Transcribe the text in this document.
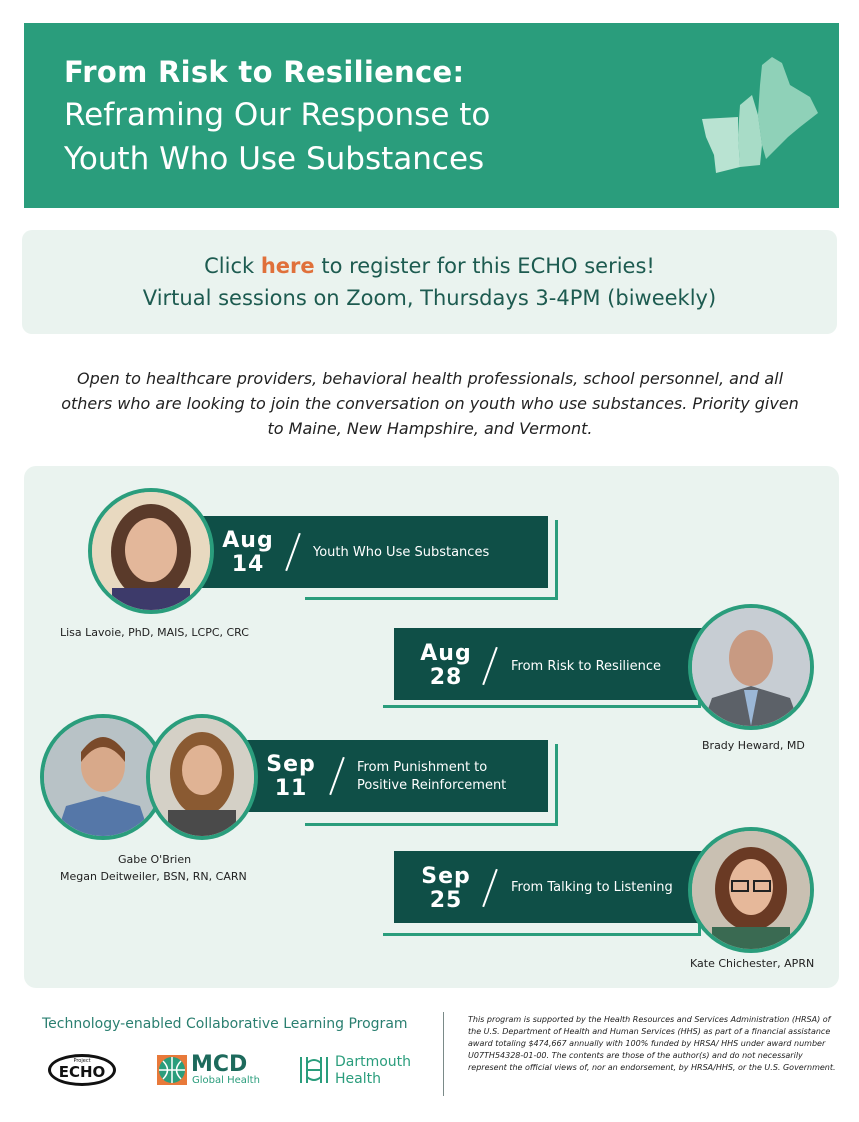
From Risk to Resilience:
Reframing Our Response to
Youth Who Use Substances
Click here to register for this ECHO series!
Virtual sessions on Zoom, Thursdays 3-4PM (biweekly)
Open to healthcare providers, behavioral health professionals, school personnel, and all others who are looking to join the conversation on youth who use substances. Priority given to Maine, New Hampshire, and Vermont.
Aug
14	Youth Who Use Substances
Lisa Lavoie, PhD, MAIS, LCPC, CRC
Aug
28	From Risk to Resilience
Brady Heward, MD
Sep
11
From Punishment to
Positive Reinforcement
Gabe O'Brien
Megan Deitweiler, BSN, RN, CARN	Sep
25
From Talking to Listening
Kate Chichester, APRN
Technology-enabled Collaborative Learning Program
Project
ECHO	MCD
Global Health
Dartmouth
Health
This program is supported by the Health Resources and Services Administration (HRSA) of the U.S. Department of Health and Human Services (HHS) as part of a financial assistance award totaling $474,667 annually with 100% funded by HRSA/ HHS under award number U07TH54328-01-00. The contents are those of the author(s) and do not necessarily represent the official views of, nor an endorsement, by HRSA/HHS, or the U.S. Government.
